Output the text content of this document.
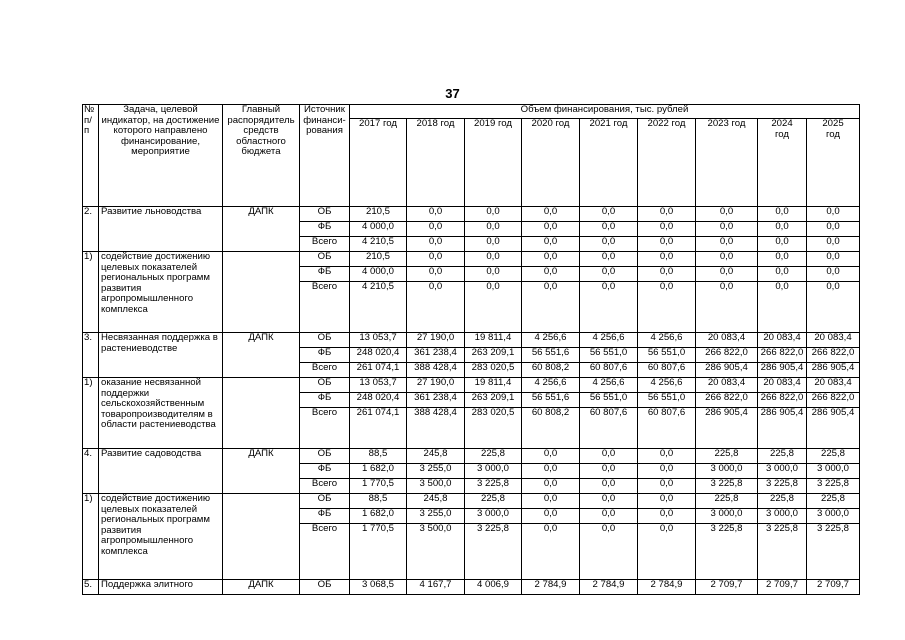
37
№ п/п	Задача, целевой индикатор, на достижение которого направлено финансирование, мероприятие	Главный распорядитель средств областного бюджета	Источник финанси-рования	Объем финансирования, тыс. рублей								
				2017 год	2018 год	2019 год	2020 год	2021 год	2022 год	2023 год	2024 год	2025 год
2.	Развитие льноводства	ДАПК	ОБ	210,5	0,0	0,0	0,0	0,0	0,0	0,0	0,0	0,0
			ФБ	4 000,0	0,0	0,0	0,0	0,0	0,0	0,0	0,0	0,0
			Всего	4 210,5	0,0	0,0	0,0	0,0	0,0	0,0	0,0	0,0
1)	содействие достижению целевых показателей региональных программ развития агропромышленного комплекса		ОБ	210,5	0,0	0,0	0,0	0,0	0,0	0,0	0,0	0,0
			ФБ	4 000,0	0,0	0,0	0,0	0,0	0,0	0,0	0,0	0,0
			Всего	4 210,5	0,0	0,0	0,0	0,0	0,0	0,0	0,0	0,0
3.	Несвязанная поддержка в растениеводстве	ДАПК	ОБ	13 053,7	27 190,0	19 811,4	4 256,6	4 256,6	4 256,6	20 083,4	20 083,4	20 083,4
			ФБ	248 020,4	361 238,4	263 209,1	56 551,6	56 551,0	56 551,0	266 822,0	266 822,0	266 822,0
			Всего	261 074,1	388 428,4	283 020,5	60 808,2	60 807,6	60 807,6	286 905,4	286 905,4	286 905,4
1)	оказание несвязанной поддержки сельскохозяйственным товаропроизводителям в области растениеводства		ОБ	13 053,7	27 190,0	19 811,4	4 256,6	4 256,6	4 256,6	20 083,4	20 083,4	20 083,4
			ФБ	248 020,4	361 238,4	263 209,1	56 551,6	56 551,0	56 551,0	266 822,0	266 822,0	266 822,0
			Всего	261 074,1	388 428,4	283 020,5	60 808,2	60 807,6	60 807,6	286 905,4	286 905,4	286 905,4
4.	Развитие садоводства	ДАПК	ОБ	88,5	245,8	225,8	0,0	0,0	0,0	225,8	225,8	225,8
			ФБ	1 682,0	3 255,0	3 000,0	0,0	0,0	0,0	3 000,0	3 000,0	3 000,0
			Всего	1 770,5	3 500,0	3 225,8	0,0	0,0	0,0	3 225,8	3 225,8	3 225,8
1)	содействие достижению целевых показателей региональных программ развития агропромышленного комплекса		ОБ	88,5	245,8	225,8	0,0	0,0	0,0	225,8	225,8	225,8
			ФБ	1 682,0	3 255,0	3 000,0	0,0	0,0	0,0	3 000,0	3 000,0	3 000,0
			Всего	1 770,5	3 500,0	3 225,8	0,0	0,0	0,0	3 225,8	3 225,8	3 225,8
5.	Поддержка элитного	ДАПК	ОБ	3 068,5	4 167,7	4 006,9	2 784,9	2 784,9	2 784,9	2 709,7	2 709,7	2 709,7
